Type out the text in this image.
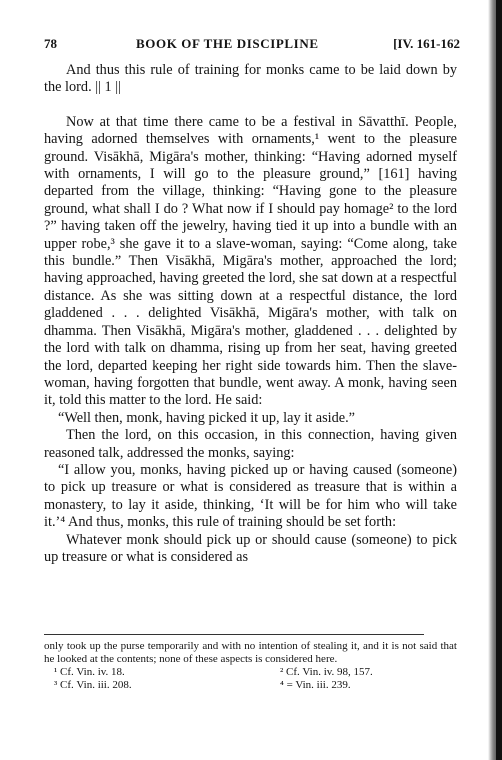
78	BOOK OF THE DISCIPLINE	[IV. 161-162

And thus this rule of training for monks came to be laid down by the lord. || 1 ||

Now at that time there came to be a festival in Sāvatthī. People, having adorned themselves with ornaments,¹ went to the pleasure ground. Visākhā, Migāra's mother, thinking: “Having adorned myself with ornaments, I will go to the pleasure ground,” [161] having departed from the village, thinking: “Having gone to the pleasure ground, what shall I do ? What now if I should pay homage² to the lord ?” having taken off the jewelry, having tied it up into a bundle with an upper robe,³ she gave it to a slave-woman, saying: “Come along, take this bundle.” Then Visākhā, Migāra's mother, approached the lord; having approached, having greeted the lord, she sat down at a respectful distance. As she was sitting down at a respectful distance, the lord gladdened . . . delighted Visākhā, Migāra's mother, with talk on dhamma. Then Visākhā, Migāra's mother, gladdened . . . delighted by the lord with talk on dhamma, rising up from her seat, having greeted the lord, departed keeping her right side towards him. Then the slave-woman, having forgotten that bundle, went away. A monk, having seen it, told this matter to the lord. He said:

“Well then, monk, having picked it up, lay it aside.”

Then the lord, on this occasion, in this connection, having given reasoned talk, addressed the monks, saying:

“I allow you, monks, having picked up or having caused (someone) to pick up treasure or what is considered as treasure that is within a monastery, to lay it aside, thinking, ‘It will be for him who will take it.’⁴ And thus, monks, this rule of training should be set forth:

Whatever monk should pick up or should cause (someone) to pick up treasure or what is considered as

only took up the purse temporarily and with no intention of stealing it, and it is not said that he looked at the contents; none of these aspects is considered here.
¹ Cf. Vin. iv. 18.	² Cf. Vin. iv. 98, 157.
³ Cf. Vin. iii. 208.	⁴ = Vin. iii. 239.
